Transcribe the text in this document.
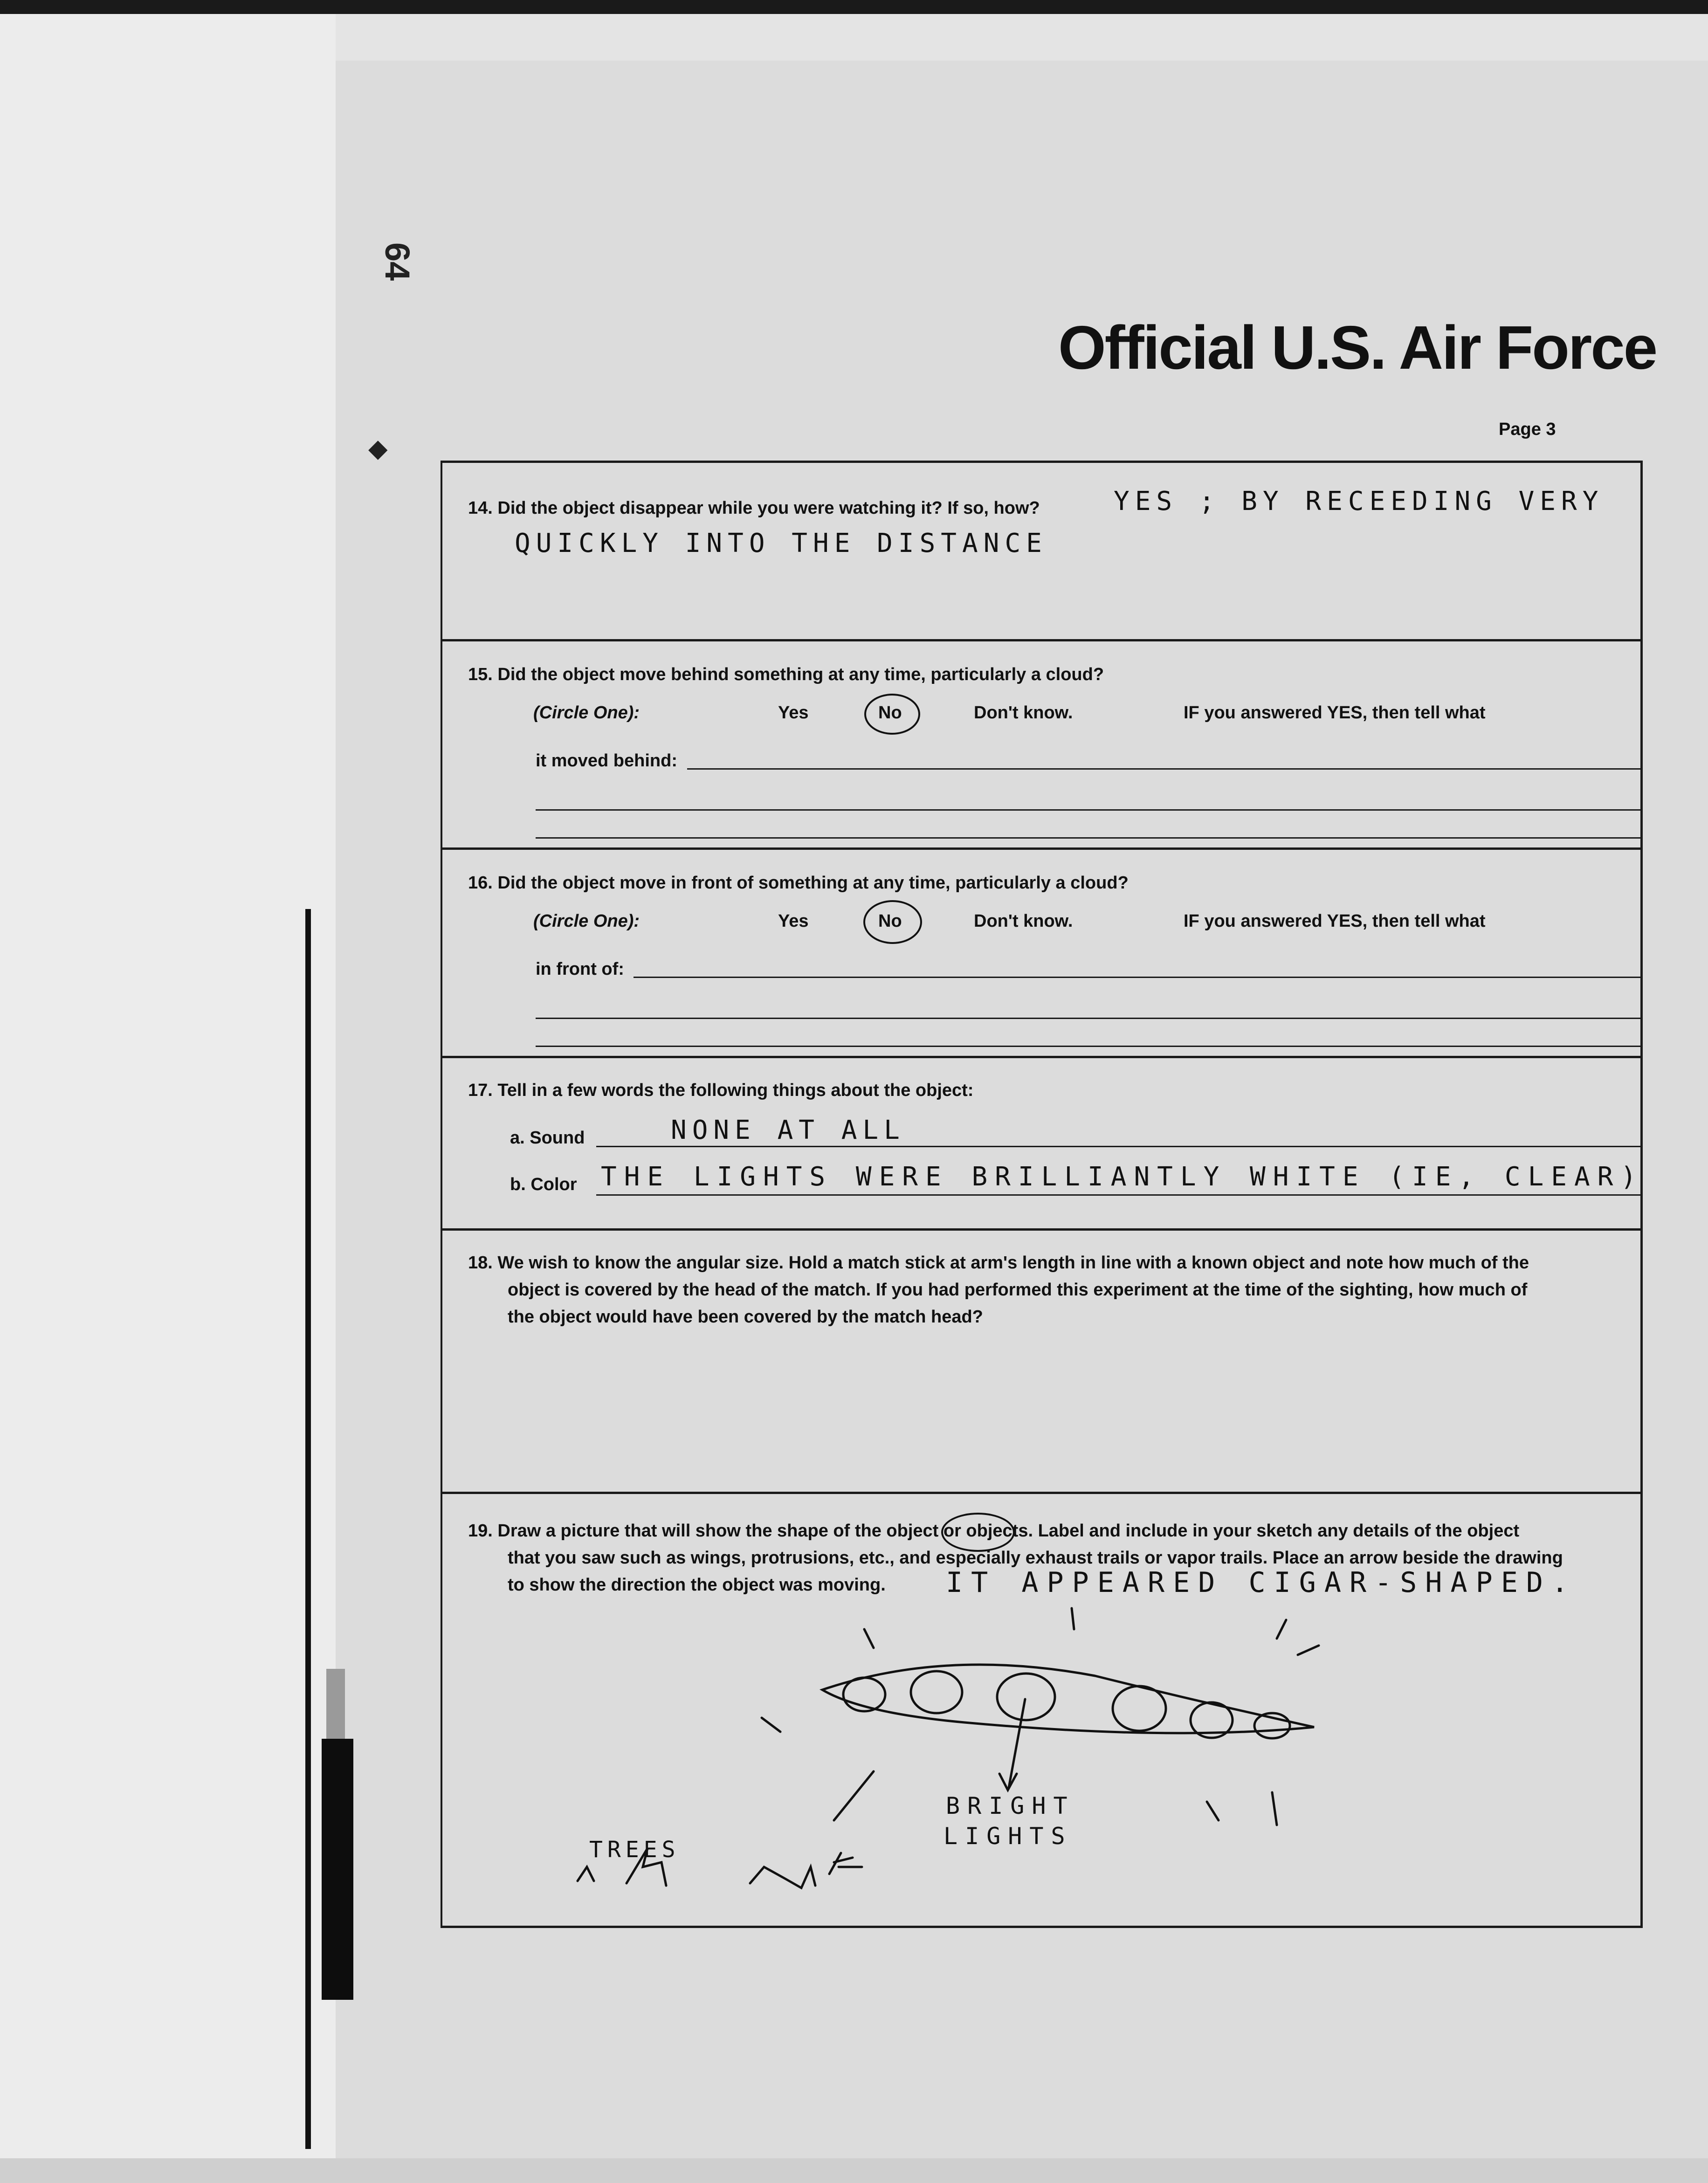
64
◆
Official U.S. Air Force
Page 3
14. Did the object disappear while you were watching it? If so, how?	YES ; BY RECEEDING VERY
QUICKLY INTO THE DISTANCE
15. Did the object move behind something at any time, particularly a cloud?
(Circle One):	Yes	No	Don't know.	IF you answered YES, then tell what
it moved behind:
16. Did the object move in front of something at any time, particularly a cloud?
(Circle One):	Yes	No	Don't know.	IF you answered YES, then tell what
in front of:
17. Tell in a few words the following things about the object:
a. Sound	NONE AT ALL
b. Color THE LIGHTS WERE BRILLIANTLY WHITE (IE, CLEAR)
18. We wish to know the angular size. Hold a match stick at arm's length in line with a known object and note how much of the
object is covered by the head of the match. If you had performed this experiment at the time of the sighting, how much of
the object would have been covered by the match head?
19. Draw a picture that will show the shape of the object or objects. Label and include in your sketch any details of the object
that you saw such as wings, protrusions, etc., and especially exhaust trails or vapor trails. Place an arrow beside the drawing
to show the direction the object was moving. IT APPEARED CIGAR-SHAPED.
BRIGHT
LIGHTS
TREES
